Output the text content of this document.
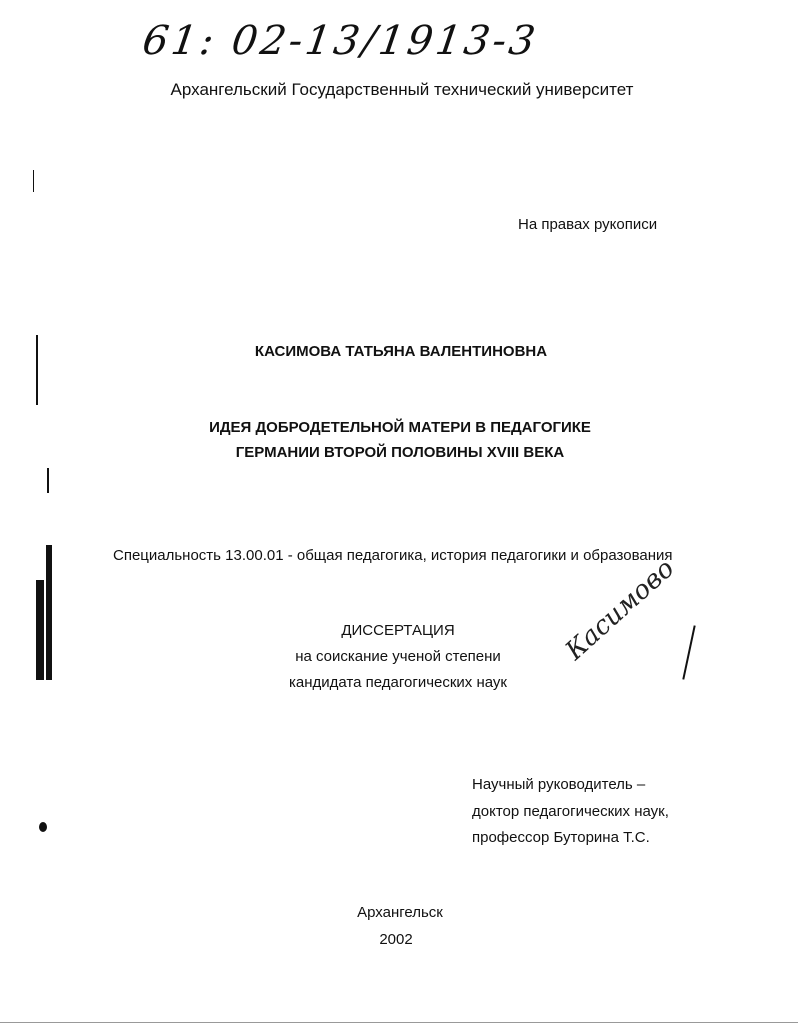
61: 02-13/1913-3
Архангельский Государственный технический университет
На правах рукописи
КАСИМОВА ТАТЬЯНА ВАЛЕНТИНОВНА
ИДЕЯ ДОБРОДЕТЕЛЬНОЙ МАТЕРИ В ПЕДАГОГИКЕ
ГЕРМАНИИ ВТОРОЙ ПОЛОВИНЫ XVIII ВЕКА
Специальность 13.00.01 - общая педагогика, история педагогики и образования
ДИССЕРТАЦИЯ
на соискание ученой степени
кандидата педагогических наук
Касимово
Научный руководитель –
доктор педагогических наук,
профессор Буторина Т.С.
Архангельск
2002
